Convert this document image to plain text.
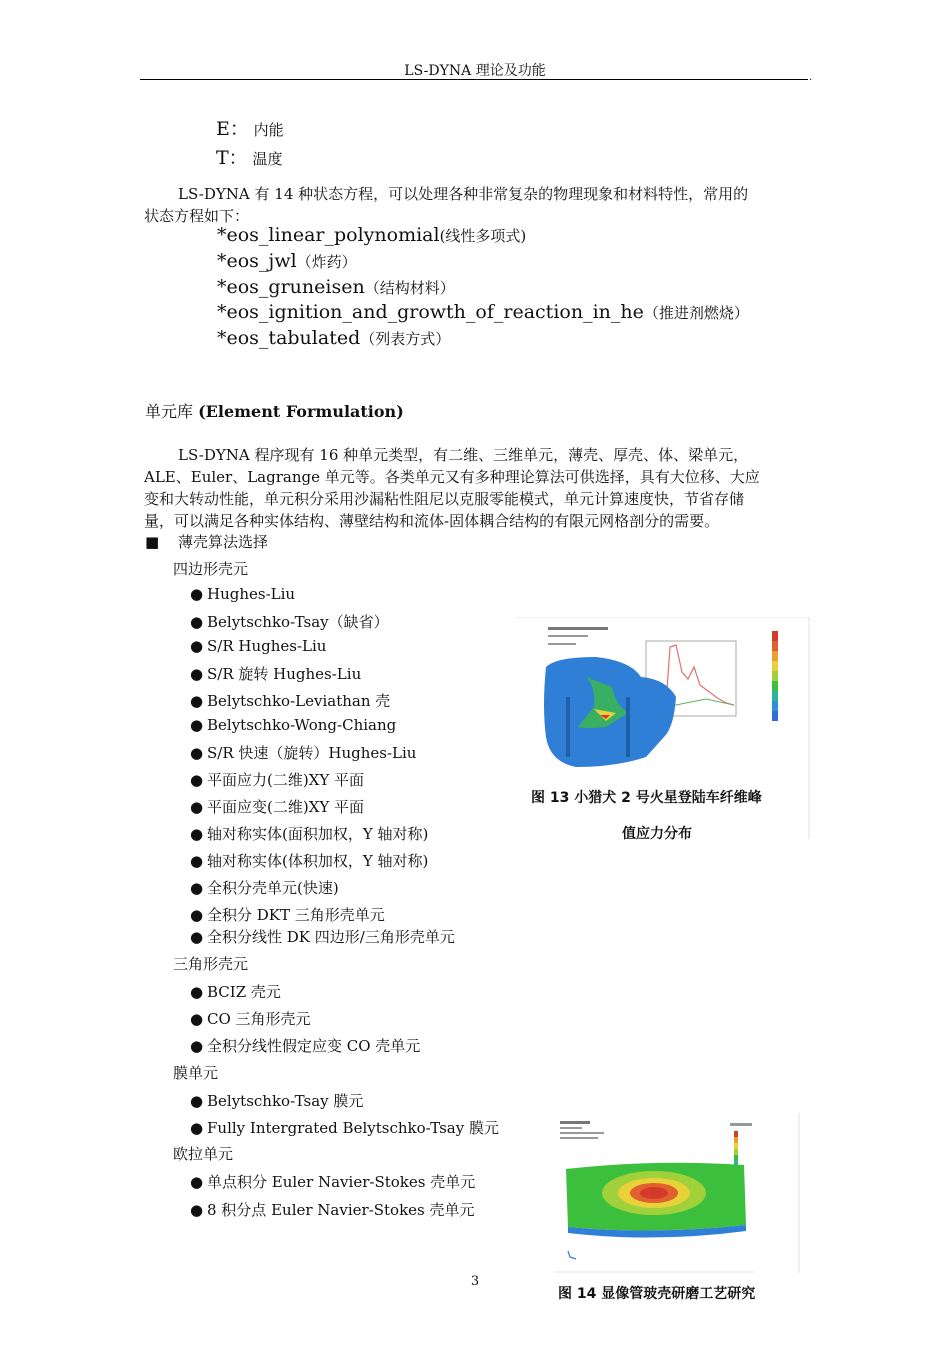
LS-DYNA 理论及功能	.
E： 内能
T： 温度
LS-DYNA 有 14 种状态方程，可以处理各种非常复杂的物理现象和材料特性，常用的
状态方程如下：
*eos_linear_polynomial(线性多项式)
*eos_jwl（炸药）
*eos_gruneisen（结构材料）
*eos_ignition_and_growth_of_reaction_in_he（推进剂燃烧）
*eos_tabulated（列表方式）
单元库 (Element Formulation)
LS-DYNA 程序现有 16 种单元类型，有二维、三维单元，薄壳、厚壳、体、梁单元，
ALE、Euler、Lagrange 单元等。各类单元又有多种理论算法可供选择，具有大位移、大应
变和大转动性能，单元积分采用沙漏粘性阻尼以克服零能模式，单元计算速度快，节省存储
量，可以满足各种实体结构、薄壁结构和流体-固体耦合结构的有限元网格剖分的需要。
■ 薄壳算法选择
四边形壳元
● Hughes-Liu
● Belytschko-Tsay（缺省）
● S/R Hughes-Liu
● S/R 旋转 Hughes-Liu
● Belytschko-Leviathan 壳
● Belytschko-Wong-Chiang
● S/R 快速（旋转）Hughes-Liu
● 平面应力(二维)XY 平面
● 平面应变(二维)XY 平面
● 轴对称实体(面积加权，Y 轴对称)
● 轴对称实体(体积加权，Y 轴对称)
● 全积分壳单元(快速)
● 全积分 DKT 三角形壳单元
● 全积分线性 DK 四边形/三角形壳单元
三角形壳元
● BCIZ 壳元
● CO 三角形壳元
● 全积分线性假定应变 CO 壳单元
膜单元
● Belytschko-Tsay 膜元
● Fully Intergrated Belytschko-Tsay 膜元
欧拉单元
● 单点积分 Euler Navier-Stokes 壳单元
● 8 积分点 Euler Navier-Stokes 壳单元
图 13 小猎犬 2 号火星登陆车纤维峰
值应力分布
图 14 显像管玻壳研磨工艺研究
3
